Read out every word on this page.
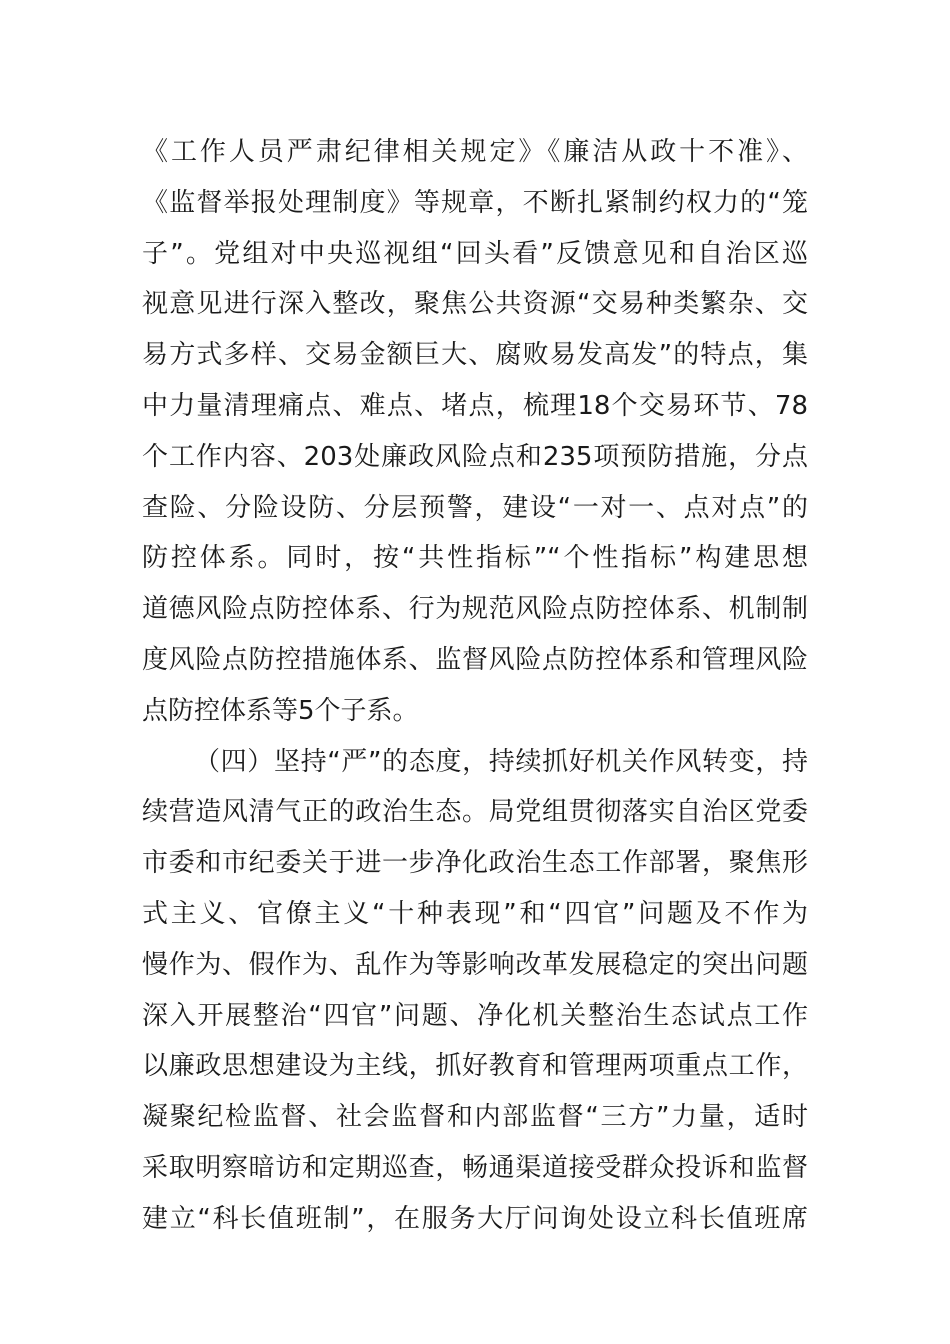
《工作人员严肃纪律相关规定》《廉洁从政十不准》、
《监督举报处理制度》等规章，不断扎紧制约权力的“笼
子”。党组对中央巡视组“回头看”反馈意见和自治区巡
视意见进行深入整改，聚焦公共资源“交易种类繁杂、交
易方式多样、交易金额巨大、腐败易发高发”的特点，集
中力量清理痛点、难点、堵点，梳理18个交易环节、78
个工作内容、203处廉政风险点和235项预防措施，分点
查险、分险设防、分层预警，建设“一对一、点对点”的
防控体系。同时，按“共性指标”“个性指标”构建思想
道德风险点防控体系、行为规范风险点防控体系、机制制
度风险点防控措施体系、监督风险点防控体系和管理风险
点防控体系等5个子系。
（四）坚持“严”的态度，持续抓好机关作风转变，持
续营造风清气正的政治生态。局党组贯彻落实自治区党委
市委和市纪委关于进一步净化政治生态工作部署，聚焦形
式主义、官僚主义“十种表现”和“四官”问题及不作为
慢作为、假作为、乱作为等影响改革发展稳定的突出问题
深入开展整治“四官”问题、净化机关整治生态试点工作
以廉政思想建设为主线，抓好教育和管理两项重点工作，
凝聚纪检监督、社会监督和内部监督“三方”力量，适时
采取明察暗访和定期巡查，畅通渠道接受群众投诉和监督
建立“科长值班制”，在服务大厅问询处设立科长值班席
